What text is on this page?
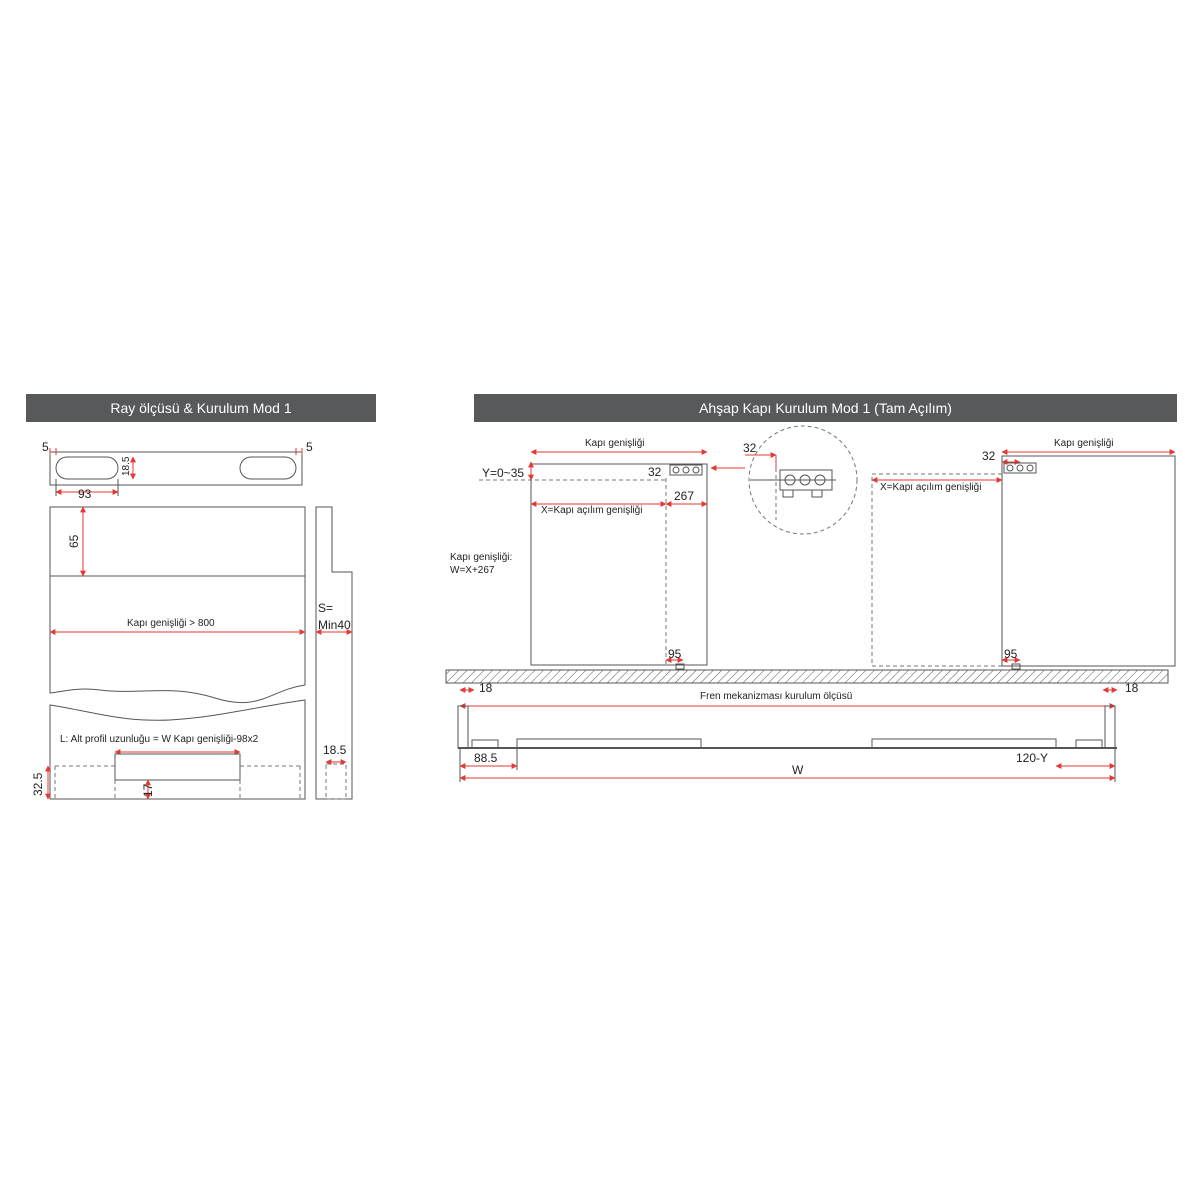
Ray ölçüsü & Kurulum Mod 1	Ahşap Kapı Kurulum Mod 1 (Tam Açılım)
5	5
18.5
93
65
Kapı genişliği > 800
L: Alt profil uzunluğu = W Kapı genişliği-98x2
32.5	17
S=
Min40
18.5
Kapı genişliği
Y=0~35	32
267
X=Kapı açılım genişliği
Kapı genişliği:
W=X+267
95
32	Kapı genişliği
32
X=Kapı açılım genişliği
95
18	18
Fren mekanizması kurulum ölçüsü
88.5	120-Y
W
